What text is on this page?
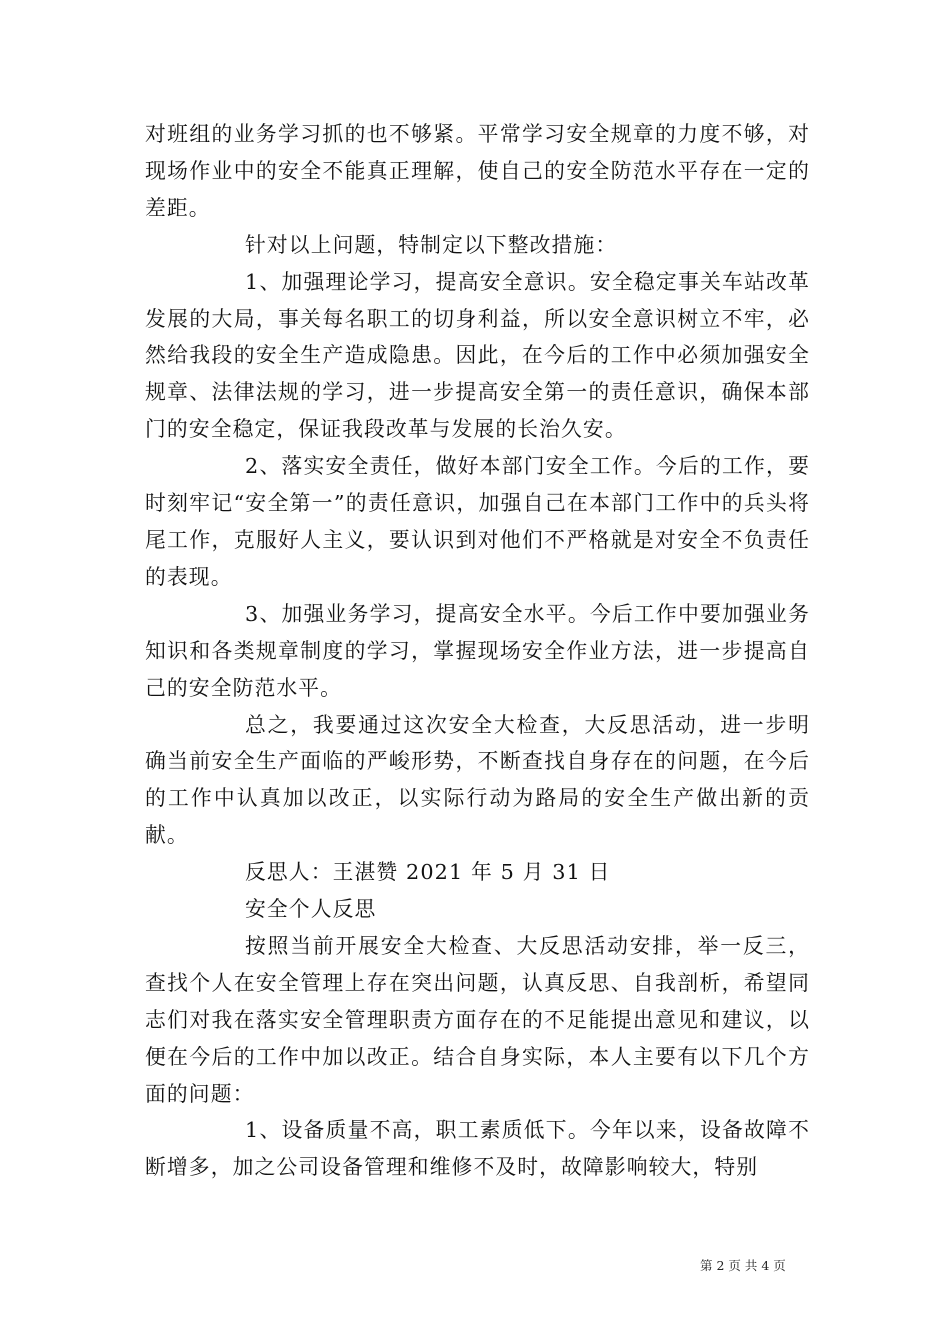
对班组的业务学习抓的也不够紧。平常学习安全规章的力度不够，对现场作业中的安全不能真正理解，使自己的安全防范水平存在一定的差距。

针对以上问题，特制定以下整改措施：

1、加强理论学习，提高安全意识。安全稳定事关车站改革发展的大局，事关每名职工的切身利益，所以安全意识树立不牢，必然给我段的安全生产造成隐患。因此，在今后的工作中必须加强安全规章、法律法规的学习，进一步提高安全第一的责任意识，确保本部门的安全稳定，保证我段改革与发展的长治久安。

2、落实安全责任，做好本部门安全工作。今后的工作，要时刻牢记“安全第一”的责任意识，加强自己在本部门工作中的兵头将尾工作，克服好人主义，要认识到对他们不严格就是对安全不负责任的表现。

3、加强业务学习，提高安全水平。今后工作中要加强业务知识和各类规章制度的学习，掌握现场安全作业方法，进一步提高自己的安全防范水平。

总之，我要通过这次安全大检查，大反思活动，进一步明确当前安全生产面临的严峻形势，不断查找自身存在的问题，在今后的工作中认真加以改正，以实际行动为路局的安全生产做出新的贡献。

反思人：王湛赞 2021 年 5 月 31 日

安全个人反思

按照当前开展安全大检查、大反思活动安排，举一反三，查找个人在安全管理上存在突出问题，认真反思、自我剖析，希望同志们对我在落实安全管理职责方面存在的不足能提出意见和建议，以便在今后的工作中加以改正。结合自身实际，本人主要有以下几个方面的问题：

1、设备质量不高，职工素质低下。今年以来，设备故障不断增多，加之公司设备管理和维修不及时，故障影响较大，特别

第 2 页 共 4 页
